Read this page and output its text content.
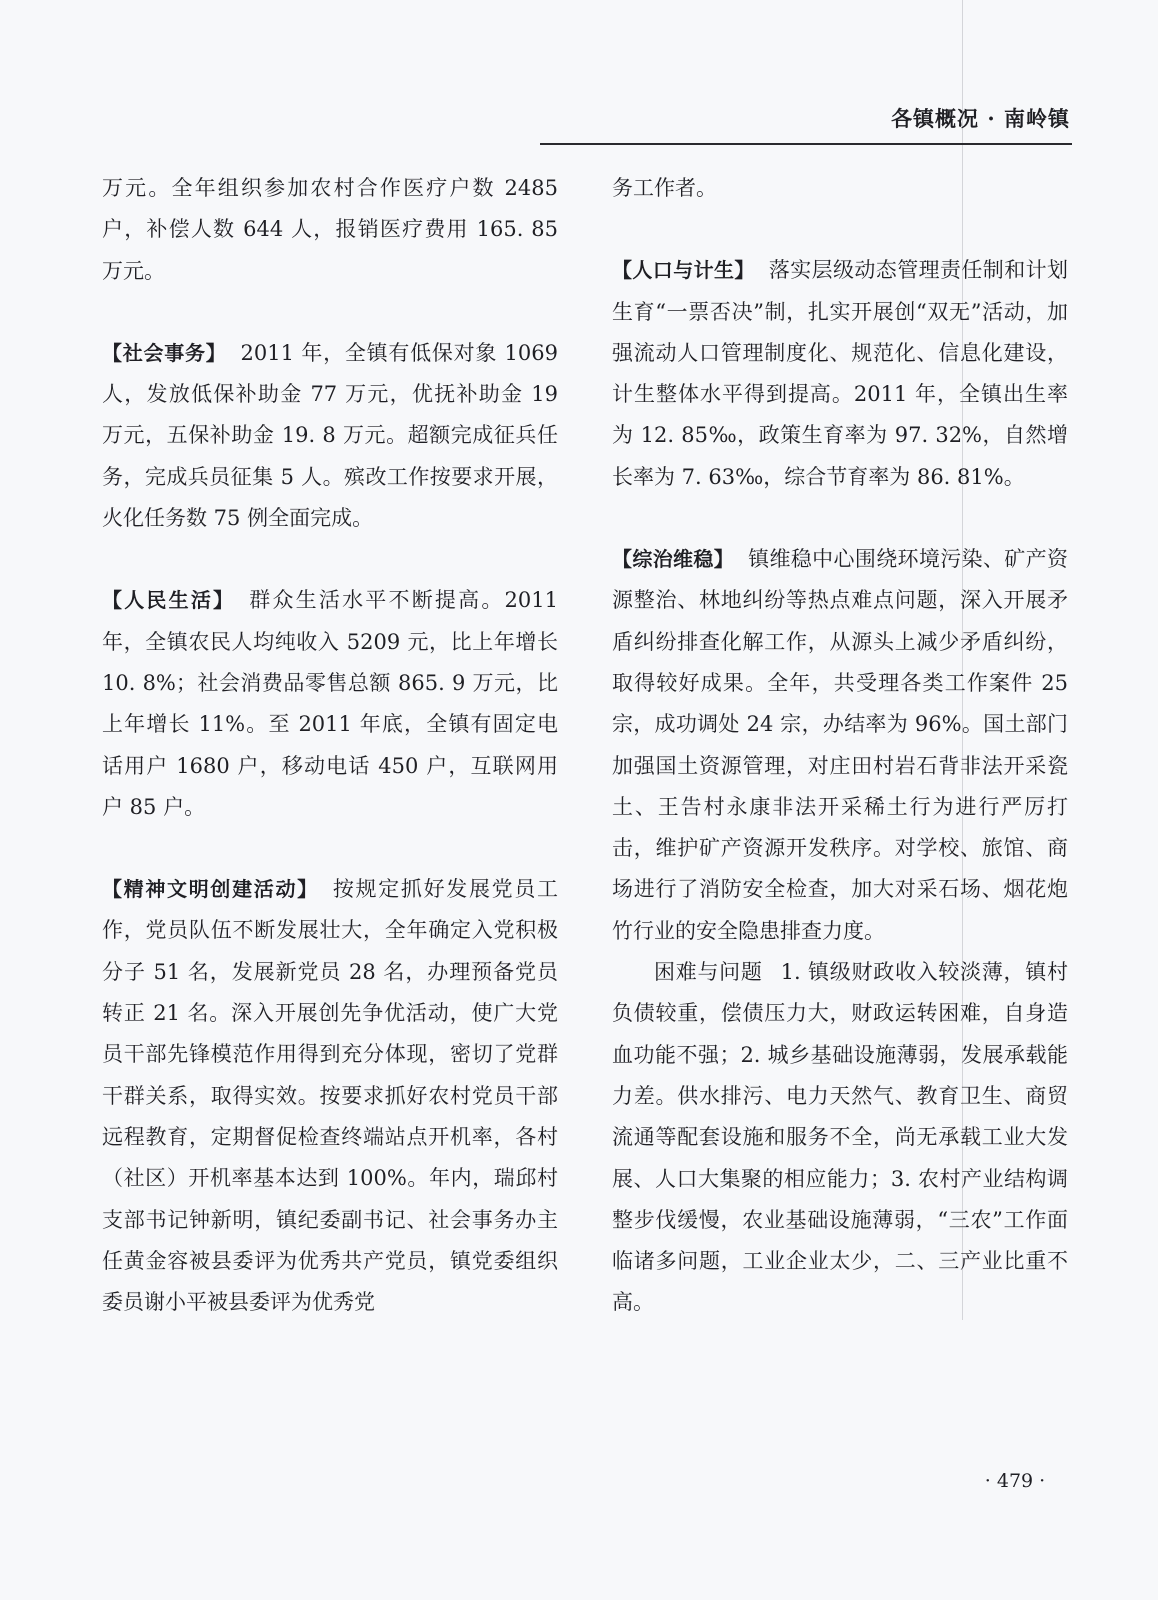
各镇概况 · 南岭镇

万元。全年组织参加农村合作医疗户数 2485 户，补偿人数 644 人，报销医疗费用 165. 85 万元。

【社会事务】 2011 年，全镇有低保对象 1069 人，发放低保补助金 77 万元，优抚补助金 19 万元，五保补助金 19. 8 万元。超额完成征兵任务，完成兵员征集 5 人。殡改工作按要求开展，火化任务数 75 例全面完成。

【人民生活】 群众生活水平不断提高。2011 年，全镇农民人均纯收入 5209 元，比上年增长 10. 8%；社会消费品零售总额 865. 9 万元，比上年增长 11%。至 2011 年底，全镇有固定电话用户 1680 户，移动电话 450 户，互联网用户 85 户。

【精神文明创建活动】 按规定抓好发展党员工作，党员队伍不断发展壮大，全年确定入党积极分子 51 名，发展新党员 28 名，办理预备党员转正 21 名。深入开展创先争优活动，使广大党员干部先锋模范作用得到充分体现，密切了党群干群关系，取得实效。按要求抓好农村党员干部远程教育，定期督促检查终端站点开机率，各村（社区）开机率基本达到 100%。年内，瑞邱村支部书记钟新明，镇纪委副书记、社会事务办主任黄金容被县委评为优秀共产党员，镇党委组织委员谢小平被县委评为优秀党

务工作者。

【人口与计生】 落实层级动态管理责任制和计划生育“一票否决”制，扎实开展创“双无”活动，加强流动人口管理制度化、规范化、信息化建设，计生整体水平得到提高。2011 年，全镇出生率为 12. 85‰，政策生育率为 97. 32%，自然增长率为 7. 63‰，综合节育率为 86. 81%。

【综治维稳】 镇维稳中心围绕环境污染、矿产资源整治、林地纠纷等热点难点问题，深入开展矛盾纠纷排查化解工作，从源头上减少矛盾纠纷，取得较好成果。全年，共受理各类工作案件 25 宗，成功调处 24 宗，办结率为 96%。国土部门加强国土资源管理，对庄田村岩石背非法开采瓷土、王告村永康非法开采稀土行为进行严厉打击，维护矿产资源开发秩序。对学校、旅馆、商场进行了消防安全检查，加大对采石场、烟花炮竹行业的安全隐患排查力度。

困难与问题 1. 镇级财政收入较淡薄，镇村负债较重，偿债压力大，财政运转困难，自身造血功能不强；2. 城乡基础设施薄弱，发展承载能力差。供水排污、电力天然气、教育卫生、商贸流通等配套设施和服务不全，尚无承载工业大发展、人口大集聚的相应能力；3. 农村产业结构调整步伐缓慢，农业基础设施薄弱，“三农”工作面临诸多问题，工业企业太少，二、三产业比重不高。

· 479 ·
